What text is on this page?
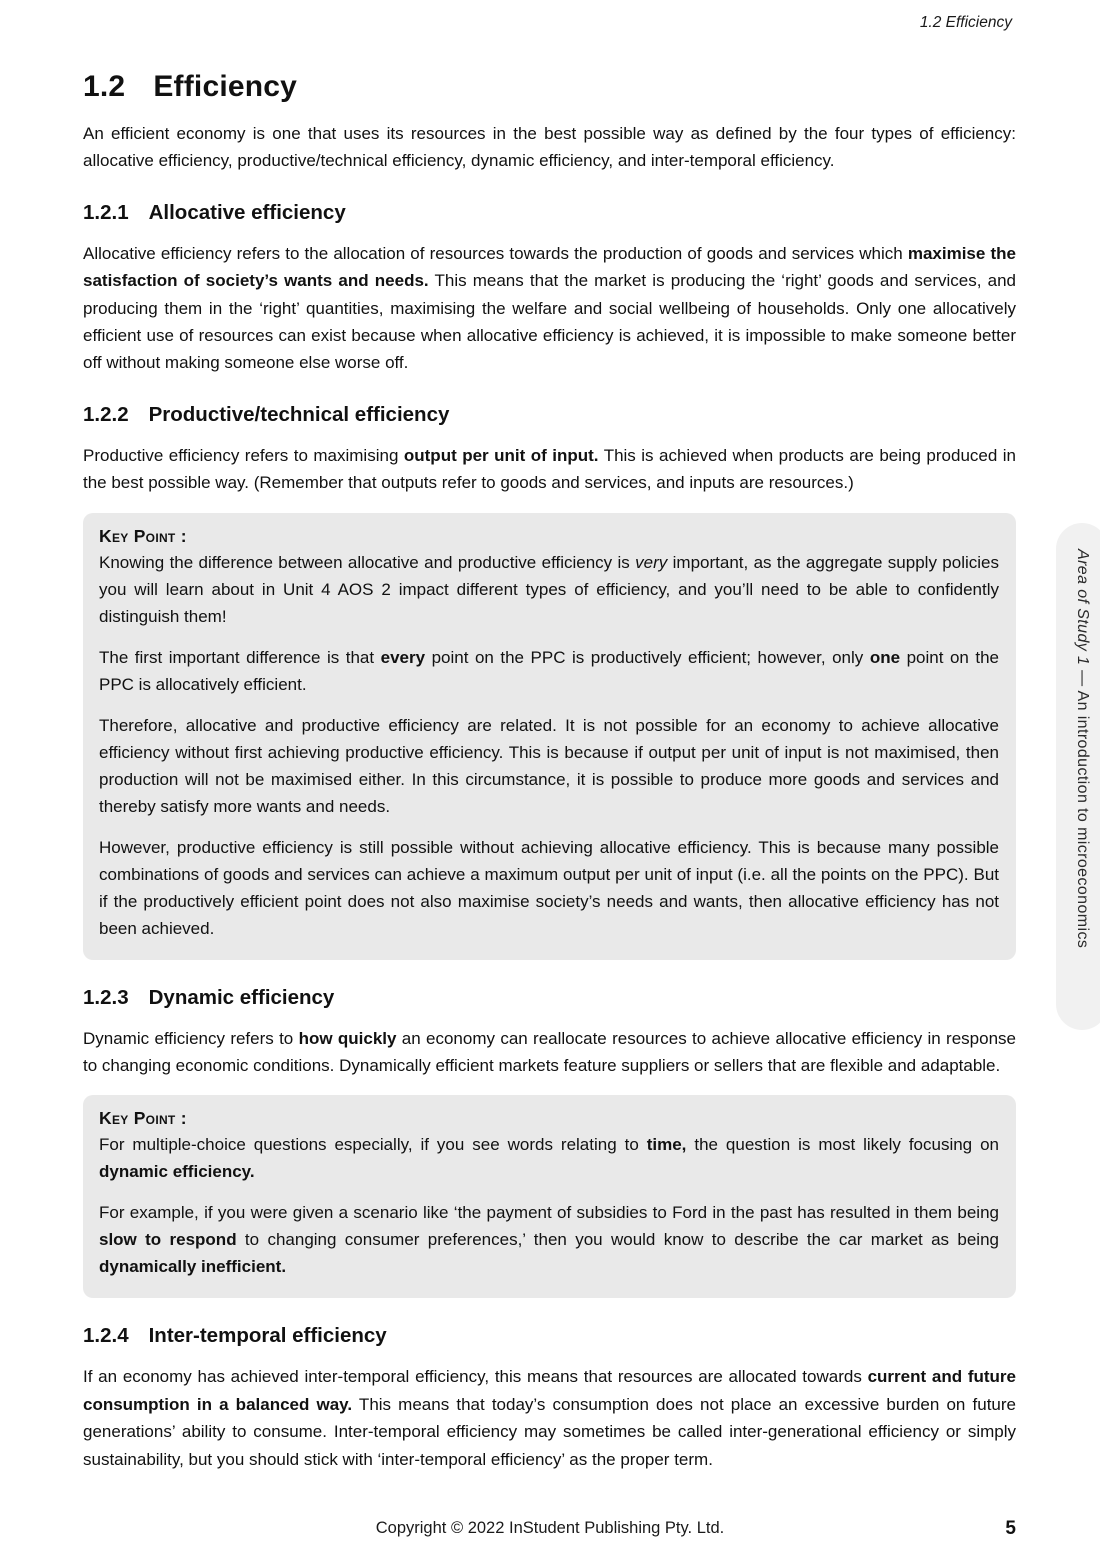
1.2 Efficiency
1.2 Efficiency

An efficient economy is one that uses its resources in the best possible way as defined by the four types of efficiency: allocative efficiency, productive/technical efficiency, dynamic efficiency, and inter-temporal efficiency.

1.2.1 Allocative efficiency

Allocative efficiency refers to the allocation of resources towards the production of goods and services which maximise the satisfaction of society’s wants and needs. This means that the market is producing the ‘right’ goods and services, and producing them in the ‘right’ quantities, maximising the welfare and social wellbeing of households. Only one allocatively efficient use of resources can exist because when allocative efficiency is achieved, it is impossible to make someone better off without making someone else worse off.

1.2.2 Productive/technical efficiency

Productive efficiency refers to maximising output per unit of input. This is achieved when products are being produced in the best possible way. (Remember that outputs refer to goods and services, and inputs are resources.)

Key Point :

Knowing the difference between allocative and productive efficiency is very important, as the aggregate supply policies you will learn about in Unit 4 AOS 2 impact different types of efficiency, and you’ll need to be able to confidently distinguish them!

The first important difference is that every point on the PPC is productively efficient; however, only one point on the PPC is allocatively efficient.

Therefore, allocative and productive efficiency are related. It is not possible for an economy to achieve allocative efficiency without first achieving productive efficiency. This is because if output per unit of input is not maximised, then production will not be maximised either. In this circumstance, it is possible to produce more goods and services and thereby satisfy more wants and needs.

However, productive efficiency is still possible without achieving allocative efficiency. This is because many possible combinations of goods and services can achieve a maximum output per unit of input (i.e. all the points on the PPC). But if the productively efficient point does not also maximise society’s needs and wants, then allocative efficiency has not been achieved.

1.2.3 Dynamic efficiency

Dynamic efficiency refers to how quickly an economy can reallocate resources to achieve allocative efficiency in response to changing economic conditions. Dynamically efficient markets feature suppliers or sellers that are flexible and adaptable.

Key Point :

For multiple-choice questions especially, if you see words relating to time, the question is most likely focusing on dynamic efficiency.

For example, if you were given a scenario like ‘the payment of subsidies to Ford in the past has resulted in them being slow to respond to changing consumer preferences,’ then you would know to describe the car market as being dynamically inefficient.

1.2.4 Inter-temporal efficiency

If an economy has achieved inter-temporal efficiency, this means that resources are allocated towards current and future consumption in a balanced way. This means that today’s consumption does not place an excessive burden on future generations’ ability to consume. Inter-temporal efficiency may sometimes be called inter-generational efficiency or simply sustainability, but you should stick with ‘inter-temporal efficiency’ as the proper term.

Area of Study 1 — An introduction to microeconomics
Copyright © 2022 InStudent Publishing Pty. Ltd.	5
